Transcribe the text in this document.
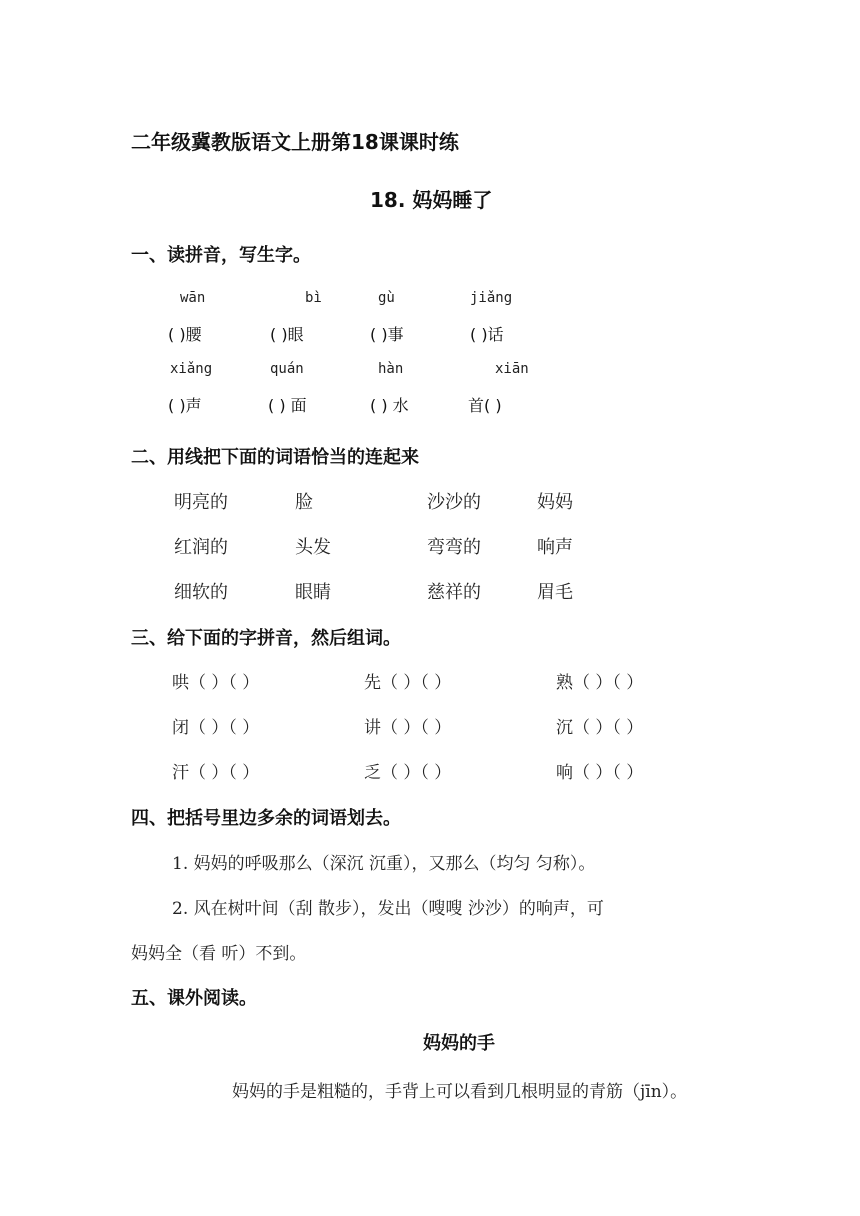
二年级冀教版语文上册第18课课时练
18. 妈妈睡了
一、读拼音，写生字。
wān	bì	gù	jiǎng
( )腰	( )眼	( )事	( )话
xiǎng	quán	hàn	xiān
( )声	( ) 面	( ) 水	首( )
二、用线把下面的词语恰当的连起来
明亮的	脸	沙沙的	妈妈
红润的	头发	弯弯的	响声
细软的	眼睛	慈祥的	眉毛
三、给下面的字拼音，然后组词。
哄（ ）（ ）	先（ ）（ ）	熟（ ）（ ）
闭（ ）（ ）	讲（ ）（ ）	沉（ ）（ ）
汗（ ）（ ）	乏（ ）（ ）	响（ ）（ ）
四、把括号里边多余的词语划去。
1. 妈妈的呼吸那么（深沉 沉重），又那么（均匀 匀称）。
2. 风在树叶间（刮 散步），发出（嗖嗖 沙沙）的响声，可
妈妈全（看 听）不到。
五、课外阅读。
妈妈的手
妈妈的手是粗糙的，手背上可以看到几根明显的青筋（jīn）。
